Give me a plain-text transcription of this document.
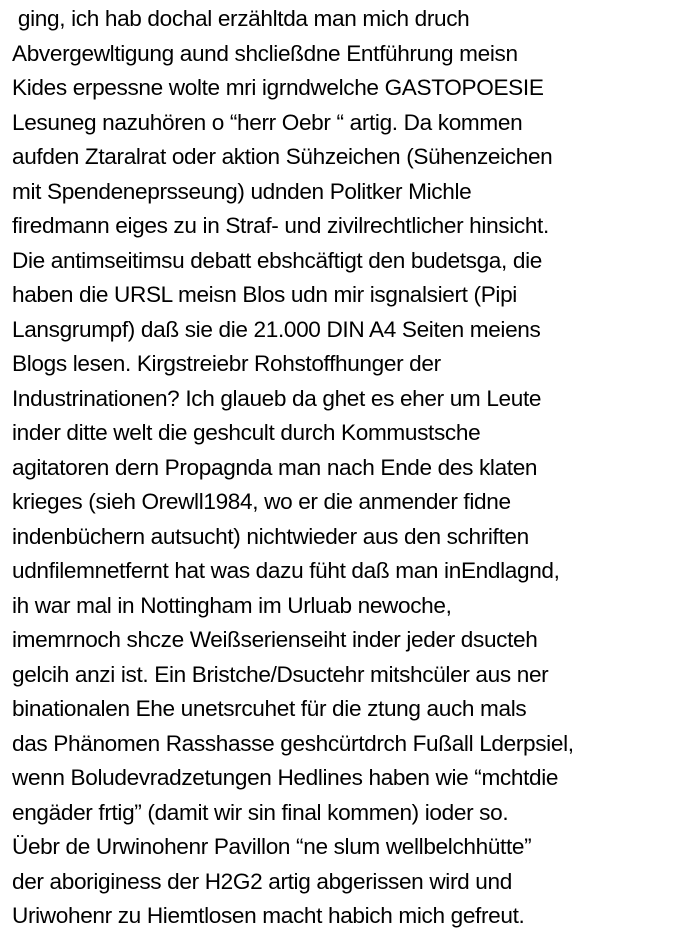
ging, ich hab dochal erzähltda man mich druch
Abvergewltigung aund shcließdne Entführung meisn
Kides erpessne wolte mri igrndwelche GASTOPOESIE
Lesuneg nazuhören o “herr Oebr “ artig. Da kommen
aufden Ztaralrat oder aktion Sühzeichen (Sühenzeichen
mit Spendeneprsseung) udnden Politker Michle
firedmann eiges zu in Straf- und zivilrechtlicher hinsicht.
Die antimseitimsu debatt ebshcäftigt den budetsga, die
haben die URSL meisn Blos udn mir isgnalsiert (Pipi
Lansgrumpf) daß sie die 21.000 DIN A4 Seiten meiens
Blogs lesen. Kirgstreiebr Rohstoffhunger der
Industrinationen? Ich glaueb da ghet es eher um Leute
inder ditte welt die geshcult durch Kommustsche
agitatoren dern Propagnda man nach Ende des klaten
krieges (sieh Orewll1984, wo er die anmender fidne
indenbüchern autsucht) nichtwieder aus den schriften
udnfilemnetfernt hat was dazu füht daß man inEndlagnd,
ih war mal in Nottingham im Urluab newoche,
imemrnoch shcze Weißserienseiht inder jeder dsucteh
gelcih anzi ist. Ein Bristche/Dsuctehr mitshcüler aus ner
binationalen Ehe unetsrcuhet für die ztung auch mals
das Phänomen Rasshasse geshcürtdrch Fußall Lderpsiel,
wenn Boludevradzetungen Hedlines haben wie “mchtdie
engäder frtig” (damit wir sin final kommen) ioder so.
Üebr de Urwinohenr Pavillon “ne slum wellbelchhütte”
der aboriginess der H2G2 artig abgerissen wird und
Uriwohenr zu Hiemtlosen macht habich mich gefreut.
